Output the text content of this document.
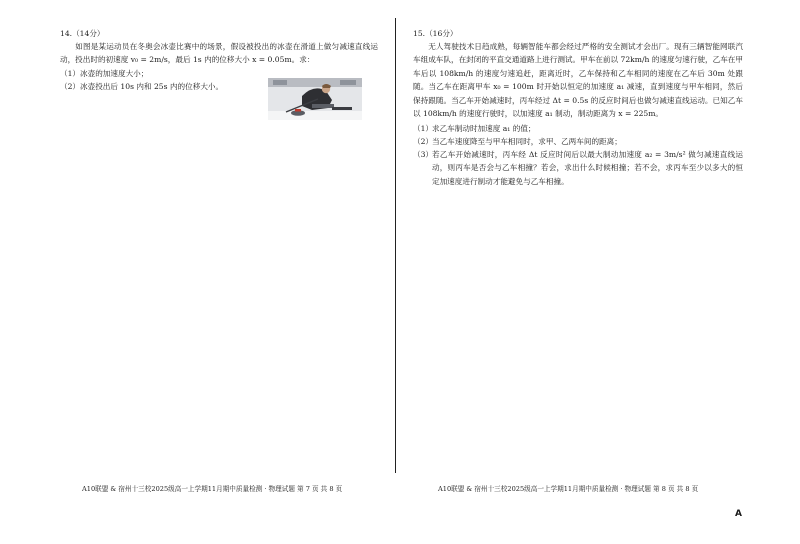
14.（14分）
如图是某运动员在冬奥会冰壶比赛中的场景，假设被投出的冰壶在滑道上做匀减速直线运动，投出时的初速度 v₀ = 2m/s，最后 1s 内的位移大小 x = 0.05m。求：
（1）冰壶的加速度大小；
（2）冰壶投出后 10s 内和 25s 内的位移大小。
15.（16分）
无人驾驶技术日趋成熟，每辆智能车都会经过严格的安全测试才会出厂。现有三辆智能网联汽车组成车队，在封闭的平直交通道路上进行测试。甲车在前以 72km/h 的速度匀速行驶，乙车在甲车后以 108km/h 的速度匀速追赶，距离近时，乙车保持和乙车相同的速度在乙车后 30m 处跟随。当乙车在距离甲车 x₀ = 100m 时开始以恒定的加速度 a₁ 减速，直到速度与甲车相同，然后保持跟随。当乙车开始减速时，丙车经过 Δt = 0.5s 的反应时间后也做匀减速直线运动。已知乙车以 108km/h 的速度行驶时，以加速度 a₁ 制动，制动距离为 x = 225m。
（1）
求乙车制动时加速度 a₁ 的值；
（2）
当乙车速度降至与甲车相同时，求甲、乙两车间的距离；
（3）
若乙车开始减速时，丙车经 Δt 反应时间后以最大制动加速度 a₂ = 3m/s² 做匀减速直线运动，则丙车是否会与乙车相撞？若会，求出什么时候相撞；若不会，求丙车至少以多大的恒定加速度进行制动才能避免与乙车相撞。
A10联盟 & 宿州十三校2025级高一上学期11月期中质量检测 · 物理试题 第 7 页 共 8 页	A10联盟 & 宿州十三校2025级高一上学期11月期中质量检测 · 物理试题 第 8 页 共 8 页
A
